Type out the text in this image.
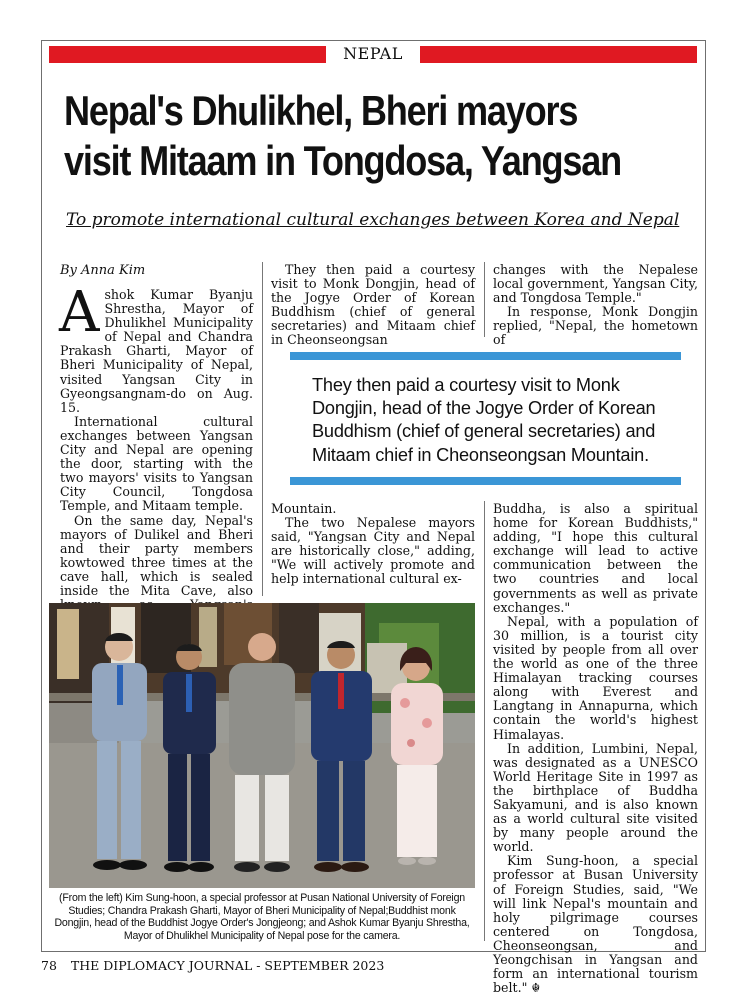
NEPAL
Nepal's Dhulikhel, Bheri mayors
visit Mitaam in Tongdosa, Yangsan
To promote international cultural exchanges between Korea and Nepal
By Anna Kim

Ashok Kumar Byanju Shrestha, Mayor of Dhulikhel Municipality of Nepal and Chandra Prakash Gharti, Mayor of Bheri Municipality of Nepal, visited Yangsan City in Gyeongsangnam-do on Aug. 15.

International cultural exchanges between Yangsan City and Nepal are opening the door, starting with the two mayors' visits to Yangsan City Council, Tongdosa Temple, and Mitaam temple.

On the same day, Nepal's mayors of Dulikel and Bheri and their party members kowtowed three times at the cave hall, which is sealed inside the Mita Cave, also

They then paid a courtesy visit to Monk Dongjin, head of the Jogye Order of Korean Buddhism (chief of general secretaries) and Mitaam chief in Cheonseongsan

changes with the Nepalese local government, Yangsan City, and Tongdosa Temple."

In response, Monk Dongjin replied, "Nepal, the hometown of

They then paid a courtesy visit to Monk Dongjin, head of the Jogye Order of Korean Buddhism (chief of general secretaries) and Mitaam chief in Cheonseongsan Mountain.

Mountain.

The two Nepalese mayors said, "Yangsan City and Nepal are historically close," adding, "We will actively promote and help international cultural ex-

Buddha, is also a spiritual home for Korean Buddhists," adding, "I hope this cultural exchange will lead to active communication between the two countries and local governments as well as private exchanges."

Nepal, with a population of 30 million, is a tourist city visited by people from all over the world as one of the three Himalayan tracking courses along with Everest and Langtang in Annapurna, which contain the world's highest Himalayas.

In addition, Lumbini, Nepal, was designated as a UNESCO World Heritage Site in 1997 as the birthplace of Buddha Sakyamuni, and is also known as a world cultural site visited by many people around the world.

Kim Sung-hoon, a special professor at Busan University of Foreign Studies, said, "We will link Nepal's mountain and holy pilgrimage courses centered on Tongdosa, Cheonseongsan, and Yeongchisan in Yangsan and form an international tourism belt." ☬

(From the left) Kim Sung-hoon, a special professor at Pusan National University of Foreign Studies; Chandra Prakash Gharti, Mayor of Bheri Municipality of Nepal;Buddhist monk Dongjin, head of the Buddhist Jogye Order's Jongjeong; and Ashok Kumar Byanju Shrestha, Mayor of Dhulikhel Municipality of Nepal pose for the camera.
78 THE DIPLOMACY JOURNAL - SEPTEMBER 2023
